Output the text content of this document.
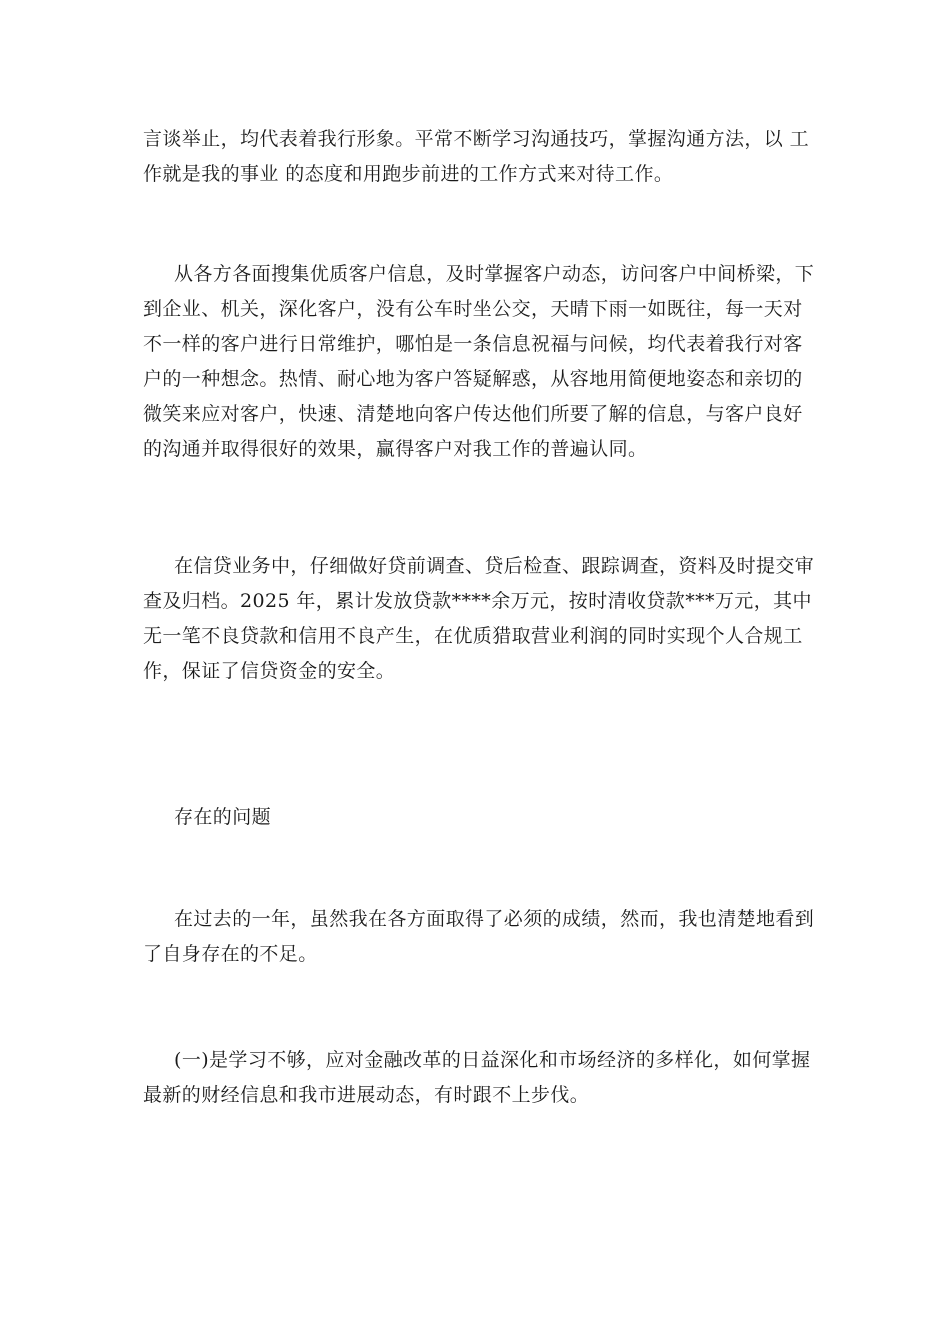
言谈举止，均代表着我行形象。平常不断学习沟通技巧，掌握沟通方法，以 工
作就是我的事业 的态度和用跑步前进的工作方式来对待工作。

从各方各面搜集优质客户信息，及时掌握客户动态，访问客户中间桥梁，下
到企业、机关，深化客户，没有公车时坐公交，天晴下雨一如既往，每一天对
不一样的客户进行日常维护，哪怕是一条信息祝福与问候，均代表着我行对客
户的一种想念。热情、耐心地为客户答疑解惑，从容地用简便地姿态和亲切的
微笑来应对客户，快速、清楚地向客户传达他们所要了解的信息，与客户良好
的沟通并取得很好的效果，赢得客户对我工作的普遍认同。

在信贷业务中，仔细做好贷前调查、贷后检查、跟踪调查，资料及时提交审
查及归档。2025 年，累计发放贷款****余万元，按时清收贷款***万元，其中
无一笔不良贷款和信用不良产生，在优质猎取营业利润的同时实现个人合规工
作，保证了信贷资金的安全。

存在的问题

在过去的一年，虽然我在各方面取得了必须的成绩，然而，我也清楚地看到
了自身存在的不足。

(一)是学习不够，应对金融改革的日益深化和市场经济的多样化，如何掌握
最新的财经信息和我市进展动态，有时跟不上步伐。
